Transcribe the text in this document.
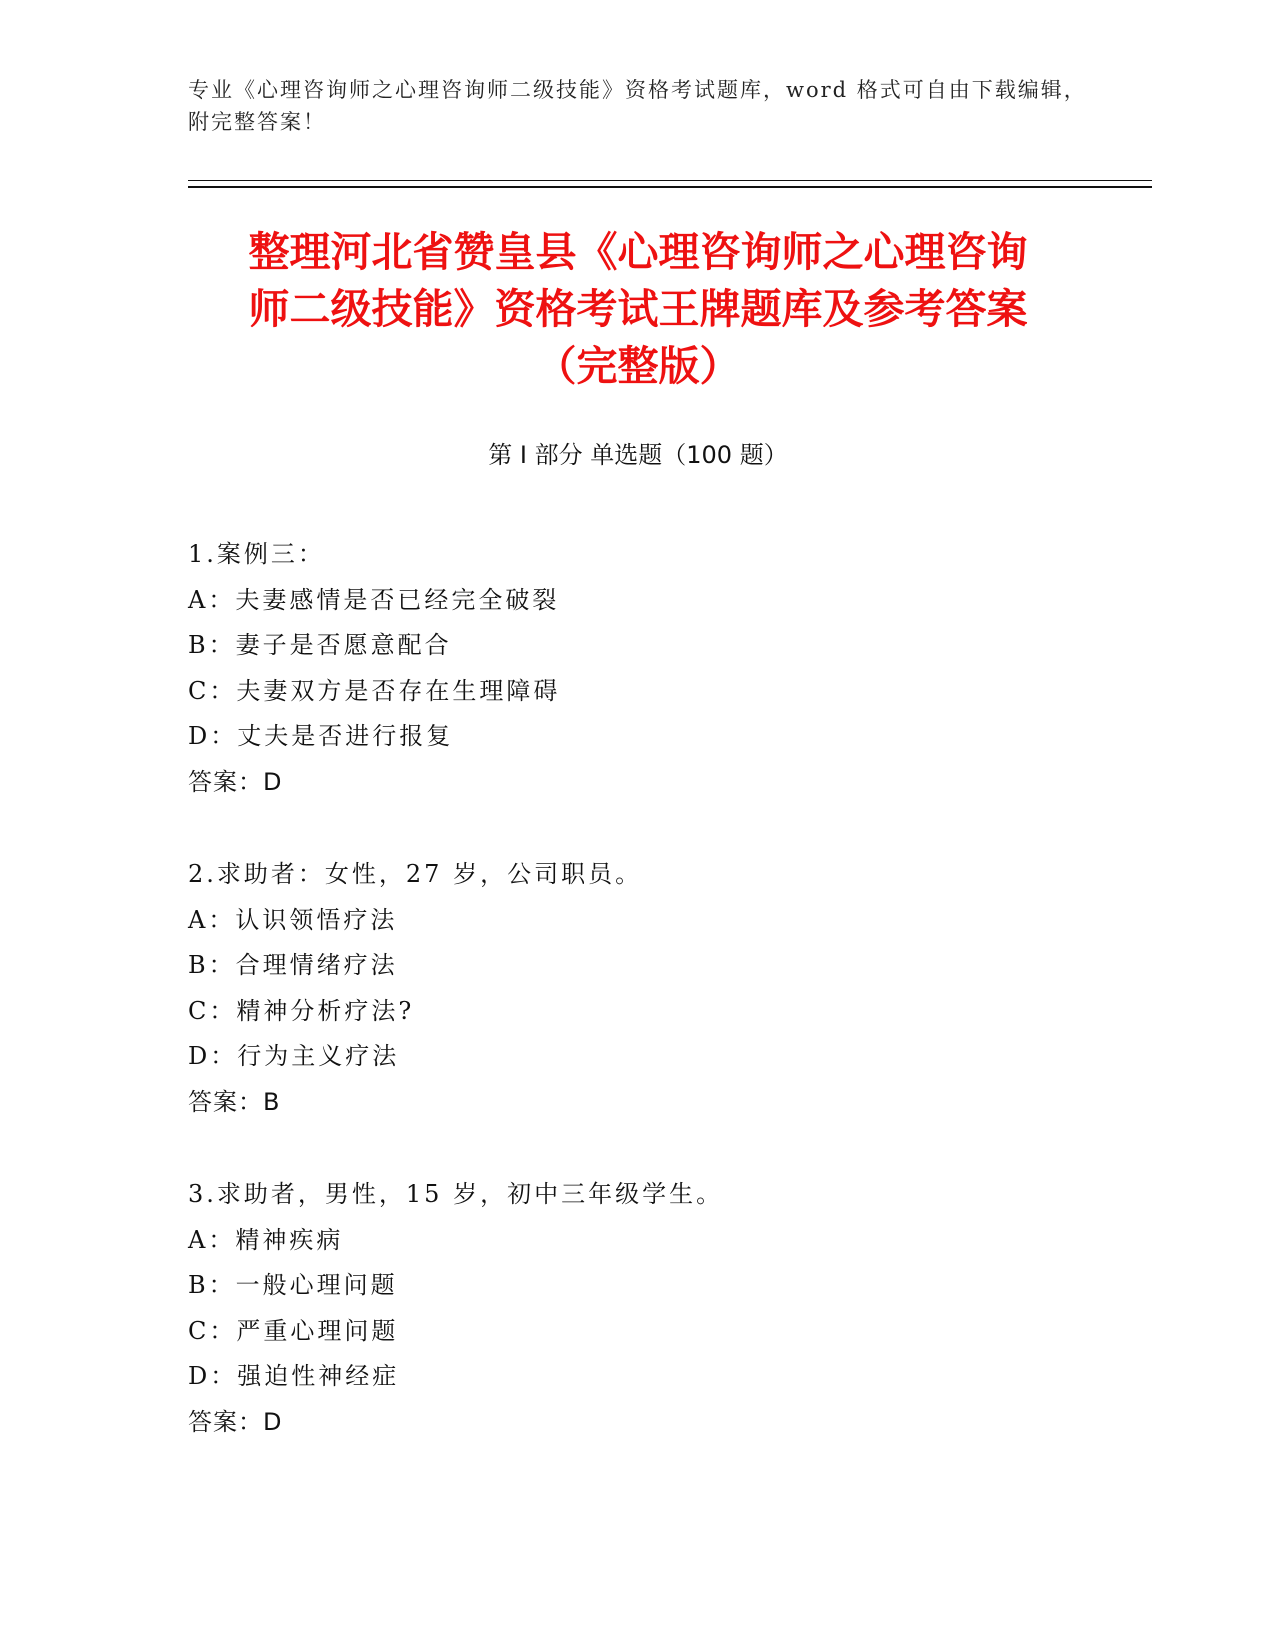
专业《心理咨询师之心理咨询师二级技能》资格考试题库，word 格式可自由下载编辑，附完整答案！
整理河北省赞皇县《心理咨询师之心理咨询
师二级技能》资格考试王牌题库及参考答案
（完整版）
第 I 部分 单选题（100 题）
1.案例三：
A：夫妻感情是否已经完全破裂
B：妻子是否愿意配合
C：夫妻双方是否存在生理障碍
D：丈夫是否进行报复
答案：D
2.求助者：女性，27 岁，公司职员。
A：认识领悟疗法
B：合理情绪疗法
C：精神分析疗法?
D：行为主义疗法
答案：B
3.求助者，男性，15 岁，初中三年级学生。
A：精神疾病
B：一般心理问题
C：严重心理问题
D：强迫性神经症
答案：D
